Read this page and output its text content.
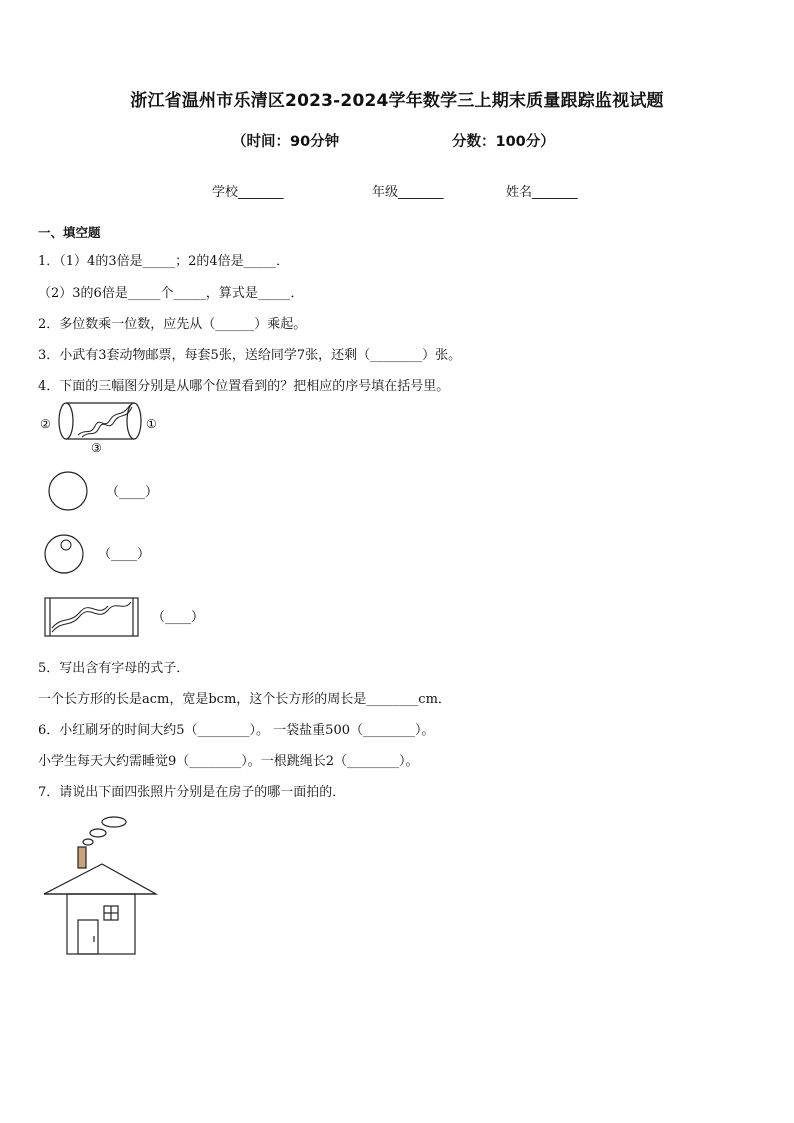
浙江省温州市乐清区2023-2024学年数学三上期末质量跟踪监视试题
（时间：90分钟	分数：100分）
学校_______	年级_______	姓名_______
一、填空题
1．（1）4的3倍是_____；2的4倍是_____．
（2）3的6倍是_____个_____，算式是_____．
2．多位数乘一位数，应先从（______）乘起。
3．小武有3套动物邮票，每套5张，送给同学7张，还剩（________）张。
4．下面的三幅图分别是从哪个位置看到的？把相应的序号填在括号里。
②	①
③
（____）
（____）
（____）
5．写出含有字母的式子．
一个长方形的长是acm，宽是bcm，这个长方形的周长是________cm．
6．小红刷牙的时间大约5（________）。 一袋盐重500（________）。
小学生每天大约需睡觉9（________）。一根跳绳长2（________）。
7．请说出下面四张照片分别是在房子的哪一面拍的．
